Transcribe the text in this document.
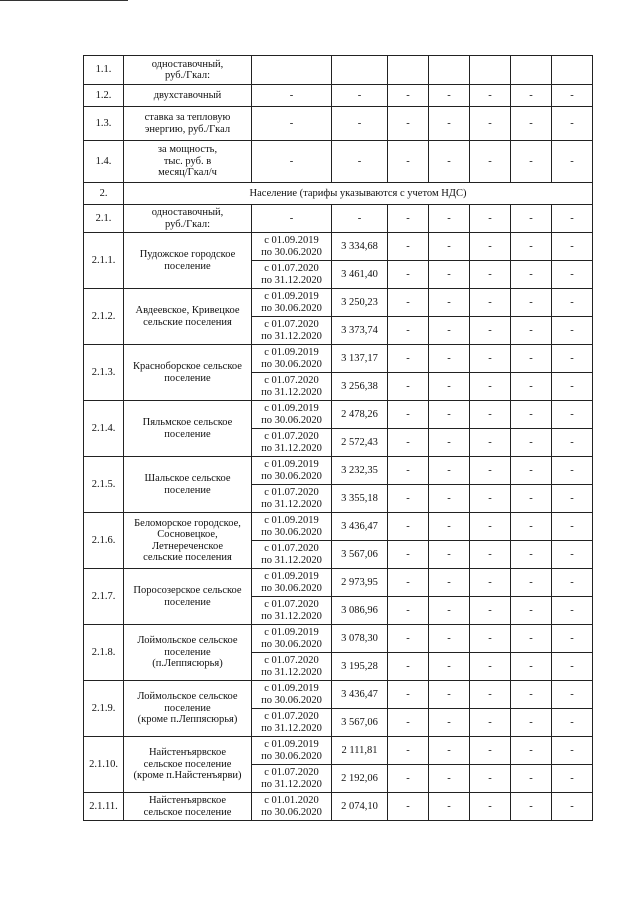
1.1.	одноставочный,
руб./Гкал:							
1.2.	двухставочный	-	-	-	-	-	-	-
1.3.	ставка за тепловую
энергию, руб./Гкал	-	-	-	-	-	-	-
1.4.	за мощность,
тыс. руб. в
месяц/Гкал/ч	-	-	-	-	-	-	-
2.	Население (тарифы указываются с учетом НДС)							
2.1.	одноставочный,
руб./Гкал:	-	-	-	-	-	-	-
2.1.1.	Пудожское городское
поселение	с 01.09.2019
по 30.06.2020	3 334,68	-	-	-	-	-
		с 01.07.2020
по 31.12.2020	3 461,40	-	-	-	-	-
2.1.2.	Авдеевское, Кривецкое
сельские поселения	с 01.09.2019
по 30.06.2020	3 250,23	-	-	-	-	-
		с 01.07.2020
по 31.12.2020	3 373,74	-	-	-	-	-
2.1.3.	Красноборское сельское
поселение	с 01.09.2019
по 30.06.2020	3 137,17	-	-	-	-	-
		с 01.07.2020
по 31.12.2020	3 256,38	-	-	-	-	-
2.1.4.	Пяльмское сельское
поселение	с 01.09.2019
по 30.06.2020	2 478,26	-	-	-	-	-
		с 01.07.2020
по 31.12.2020	2 572,43	-	-	-	-	-
2.1.5.	Шальское сельское
поселение	с 01.09.2019
по 30.06.2020	3 232,35	-	-	-	-	-
		с 01.07.2020
по 31.12.2020	3 355,18	-	-	-	-	-
2.1.6.	Беломорское городское,
Сосновецкое,
Летнереченское
сельские поселения	с 01.09.2019
по 30.06.2020	3 436,47	-	-	-	-	-
		с 01.07.2020
по 31.12.2020	3 567,06	-	-	-	-	-
2.1.7.	Поросозерское сельское
поселение	с 01.09.2019
по 30.06.2020	2 973,95	-	-	-	-	-
		с 01.07.2020
по 31.12.2020	3 086,96	-	-	-	-	-
2.1.8.	Лоймольское сельское
поселение
(п.Леппясюрья)	с 01.09.2019
по 30.06.2020	3 078,30	-	-	-	-	-
		с 01.07.2020
по 31.12.2020	3 195,28	-	-	-	-	-
2.1.9.	Лоймольское сельское
поселение
(кроме п.Леппясюрья)	с 01.09.2019
по 30.06.2020	3 436,47	-	-	-	-	-
		с 01.07.2020
по 31.12.2020	3 567,06	-	-	-	-	-
2.1.10.	Найстенъярвское
сельское поселение
(кроме п.Найстенъярви)	с 01.09.2019
по 30.06.2020	2 111,81	-	-	-	-	-
		с 01.07.2020
по 31.12.2020	2 192,06	-	-	-	-	-
2.1.11.	Найстенъярвское
сельское поселение	с 01.01.2020
по 30.06.2020	2 074,10	-	-	-	-	-
